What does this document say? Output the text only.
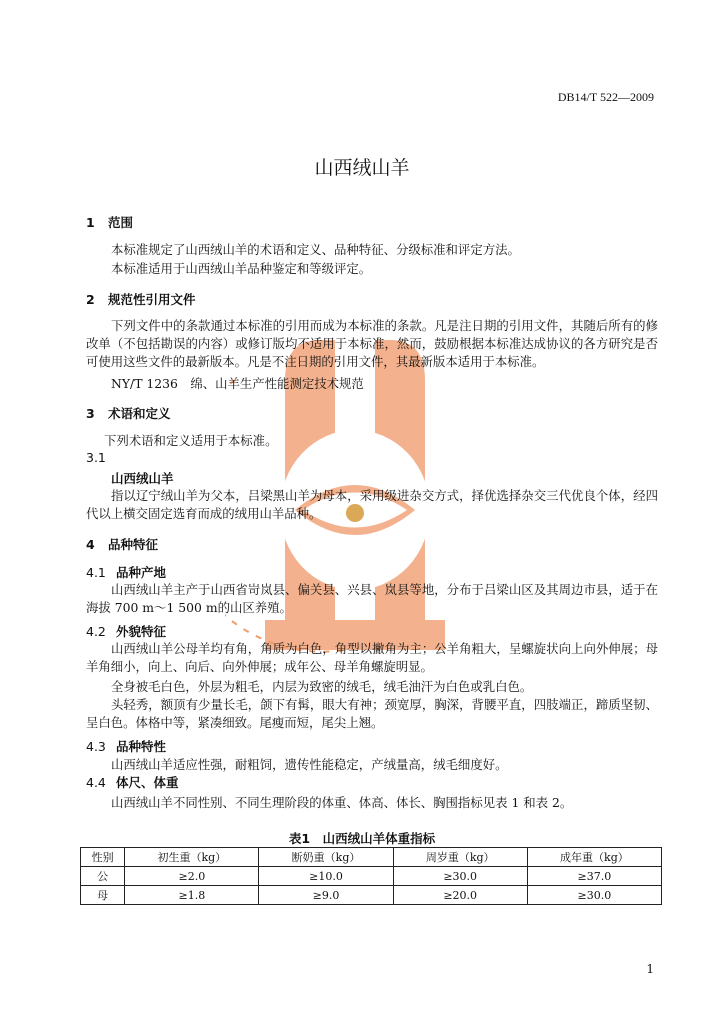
DB14/T 522—2009
山西绒山羊
1 范围
本标准规定了山西绒山羊的术语和定义、品种特征、分级标准和评定方法。
本标准适用于山西绒山羊品种鉴定和等级评定。
2 规范性引用文件
下列文件中的条款通过本标准的引用而成为本标准的条款。凡是注日期的引用文件，其随后所有的修改单（不包括勘误的内容）或修订版均不适用于本标准，然而，鼓励根据本标准达成协议的各方研究是否可使用这些文件的最新版本。凡是不注日期的引用文件，其最新版本适用于本标准。
NY/T 1236　绵、山羊生产性能测定技术规范
3 术语和定义
下列术语和定义适用于本标准。
3.1
山西绒山羊
指以辽宁绒山羊为父本，吕梁黑山羊为母本，采用级进杂交方式，择优选择杂交三代优良个体，经四代以上横交固定选育而成的绒用山羊品种。
4 品种特征
4.1 品种产地
山西绒山羊主产于山西省岢岚县、偏关县、兴县、岚县等地，分布于吕梁山区及其周边市县，适于在海拔 700 m～1 500 m的山区养殖。
4.2 外貌特征
山西绒山羊公母羊均有角，角质为白色，角型以撇角为主；公羊角粗大，呈螺旋状向上向外伸展；母羊角细小，向上、向后、向外伸展；成年公、母羊角螺旋明显。
全身被毛白色，外层为粗毛，内层为致密的绒毛，绒毛油汗为白色或乳白色。
头轻秀，额顶有少量长毛，颌下有髯，眼大有神；颈宽厚，胸深，背腰平直，四肢端正，蹄质坚韧、呈白色。体格中等，紧凑细致。尾瘦而短，尾尖上翘。
4.3 品种特性
山西绒山羊适应性强，耐粗饲，遗传性能稳定，产绒量高，绒毛细度好。
4.4 体尺、体重
山西绒山羊不同性别、不同生理阶段的体重、体高、体长、胸围指标见表 1 和表 2。
表1　山西绒山羊体重指标
性别	初生重（kg）	断奶重（kg）	周岁重（kg）	成年重（kg）
公	≥2.0	≥10.0	≥30.0	≥37.0
母	≥1.8	≥9.0	≥20.0	≥30.0
1
